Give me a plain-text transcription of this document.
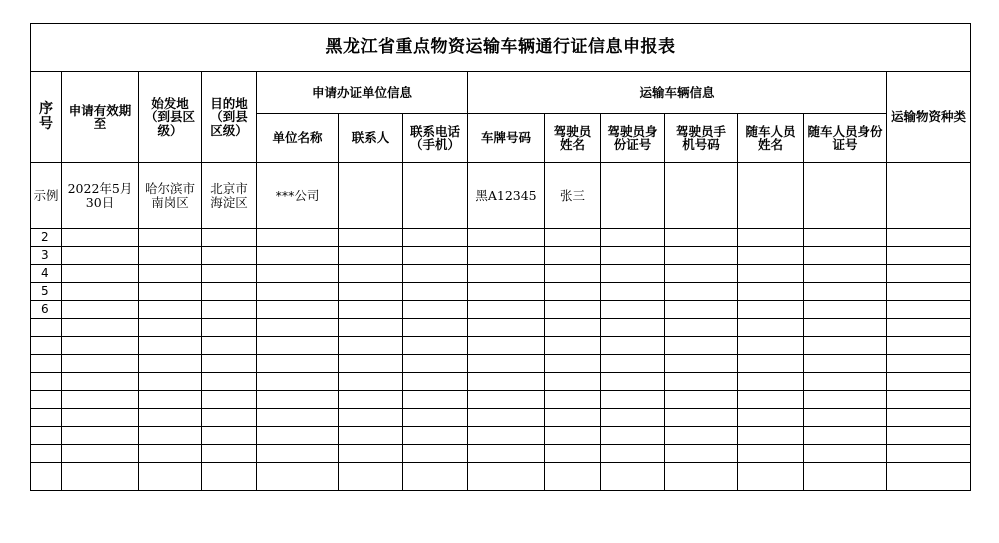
黑龙江省重点物资运输车辆通行证信息申报表													
序号	申请有效期至	始发地（到县区级）	目的地（到县区级）	申请办证单位信息			运输车辆信息						运输物资种类
				单位名称	联系人	联系电话（手机）	车牌号码	驾驶员姓名	驾驶员身份证号	驾驶员手机号码	随车人员姓名	随车人员身份证号	
示例	2022年5月30日	哈尔滨市南岗区	北京市海淀区	***公司			黑A12345	张三					
2													
3													
4													
5													
6													
